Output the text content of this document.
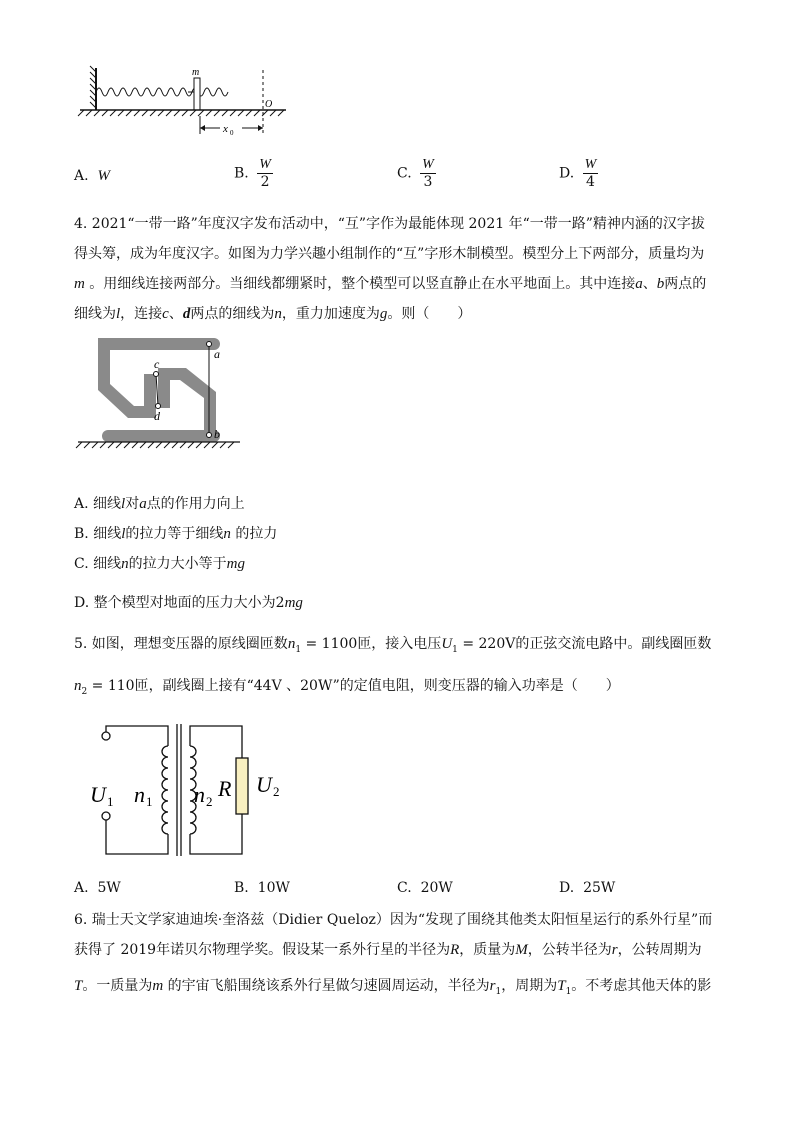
m
O
x 0
A. W	B. $\frac{W}{2}$	C. $\frac{W}{3}$	D. $\frac{W}{4}$
4. 2021“一带一路”年度汉字发布活动中，“互”字作为最能体现 2021 年“一带一路”精神内涵的汉字拔
得头筹，成为年度汉字。如图为力学兴趣小组制作的“互”字形木制模型。模型分上下两部分，质量均为
m 。用细线连接两部分。当细线都绷紧时，整个模型可以竖直静止在水平地面上。其中连接a、b两点的
细线为l，连接c、d两点的细线为n，重力加速度为g。则（　　）
a
b
c
d
A. 细线l对a点的作用力向上
B. 细线l的拉力等于细线n 的拉力
C. 细线n的拉力大小等于mg
D. 整个模型对地面的压力大小为2mg
5. 如图，理想变压器的原线圈匝数$n_1 = 1100$匝，接入电压$U_1 = 220V$的正弦交流电路中。副线圈匝数
$n_2 = 110$匝，副线圈上接有“44V 、20W”的定值电阻，则变压器的输入功率是（　　）
U 1 n 1 n 2
R U 2
A. 5W	B. 10W	C. 20W	D. 25W
6. 瑞士天文学家迪迪埃·奎洛兹（Didier Queloz）因为“发现了围绕其他类太阳恒星运行的系外行星”而
获得了 2019年诺贝尔物理学奖。假设某一系外行星的半径为R，质量为M，公转半径为r，公转周期为
T。一质量为m 的宇宙飞船围绕该系外行星做匀速圆周运动，半径为$r_1$，周期为$T_1$。不考虑其他天体的影
